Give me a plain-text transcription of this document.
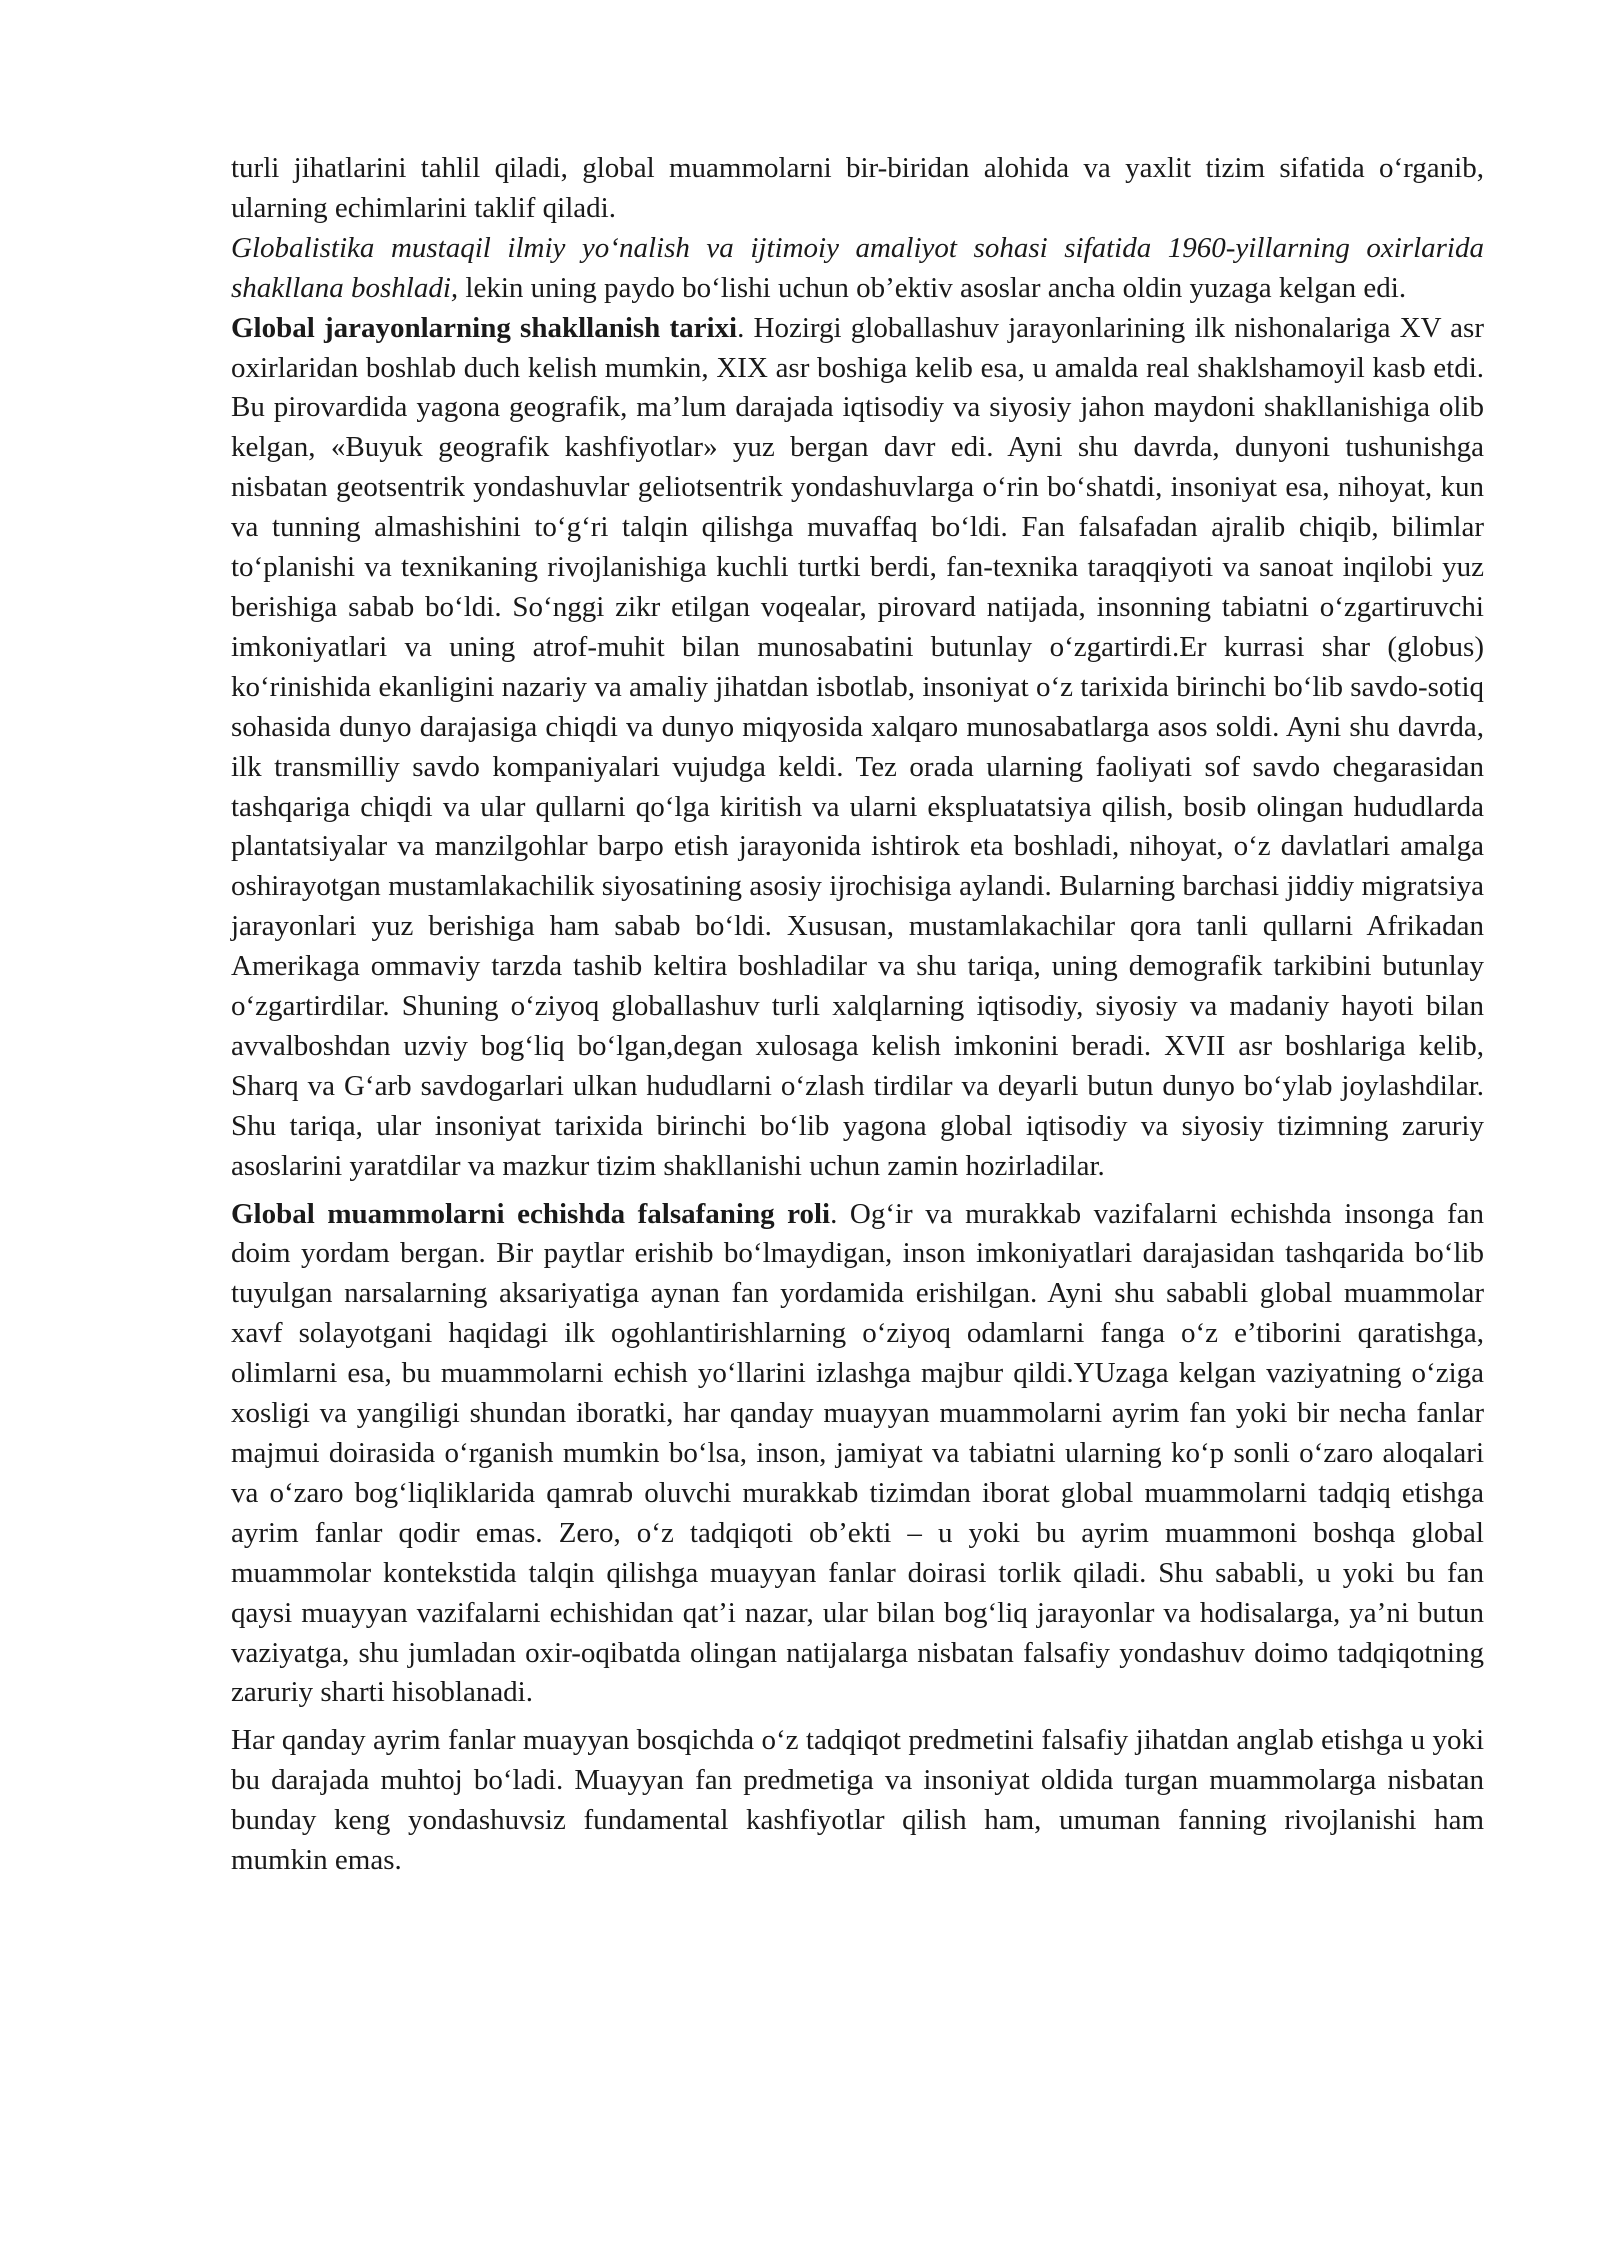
turli jihatlarini tahlil qiladi, global muammolarni bir-biridan alohida va yaxlit tizim sifatida o‘rganib, ularning echimlarini taklif qiladi.

Globalistika mustaqil ilmiy yo‘nalish va ijtimoiy amaliyot sohasi sifatida 1960-yillarning oxirlarida shakllana boshladi, lekin uning paydo bo‘lishi uchun ob’ektiv asoslar ancha oldin yuzaga kelgan edi.

Global jarayonlarning shakllanish tarixi. Hozirgi globallashuv jarayonlarining ilk nishonalariga XV asr oxirlaridan boshlab duch kelish mumkin, XIX asr boshiga kelib esa, u amalda real shaklshamoyil kasb etdi. Bu pirovardida yagona geografik, ma’lum darajada iqtisodiy va siyosiy jahon maydoni shakllanishiga olib kelgan, «Buyuk geografik kashfiyotlar» yuz bergan davr edi. Ayni shu davrda, dunyoni tushunishga nisbatan geotsentrik yondashuvlar geliotsentrik yondashuvlarga o‘rin bo‘shatdi, insoniyat esa, nihoyat, kun va tunning almashishini to‘g‘ri talqin qilishga muvaffaq bo‘ldi. Fan falsafadan ajralib chiqib, bilimlar to‘planishi va texnikaning rivojlanishiga kuchli turtki berdi, fan-texnika taraqqiyoti va sanoat inqilobi yuz berishiga sabab bo‘ldi. So‘nggi zikr etilgan voqealar, pirovard natijada, insonning tabiatni o‘zgartiruvchi imkoniyatlari va uning atrof-muhit bilan munosabatini butunlay o‘zgartirdi.Er kurrasi shar (globus) ko‘rinishida ekanligini nazariy va amaliy jihatdan isbotlab, insoniyat o‘z tarixida birinchi bo‘lib savdo-sotiq sohasida dunyo darajasiga chiqdi va dunyo miqyosida xalqaro munosabatlarga asos soldi. Ayni shu davrda, ilk transmilliy savdo kompaniyalari vujudga keldi. Tez orada ularning faoliyati sof savdo chegarasidan tashqariga chiqdi va ular qullarni qo‘lga kiritish va ularni ekspluatatsiya qilish, bosib olingan hududlarda plantatsiyalar va manzilgohlar barpo etish jarayonida ishtirok eta boshladi, nihoyat, o‘z davlatlari amalga oshirayotgan mustamlakachilik siyosatining asosiy ijrochisiga aylandi. Bularning barchasi jiddiy migratsiya jarayonlari yuz berishiga ham sabab bo‘ldi. Xususan, mustamlakachilar qora tanli qullarni Afrikadan Amerikaga ommaviy tarzda tashib keltira boshladilar va shu tariqa, uning demografik tarkibini butunlay o‘zgartirdilar. Shuning o‘ziyoq globallashuv turli xalqlarning iqtisodiy, siyosiy va madaniy hayoti bilan avvalboshdan uzviy bog‘liq bo‘lgan,degan xulosaga kelish imkonini beradi. XVII asr boshlariga kelib, Sharq va G‘arb savdogarlari ulkan hududlarni o‘zlash tirdilar va deyarli butun dunyo bo‘ylab joylashdilar. Shu tariqa, ular insoniyat tarixida birinchi bo‘lib yagona global iqtisodiy va siyosiy tizimning zaruriy asoslarini yaratdilar va mazkur tizim shakllanishi uchun zamin hozirladilar.

Global muammolarni echishda falsafaning roli. Og‘ir va murakkab vazifalarni echishda insonga fan doim yordam bergan. Bir paytlar erishib bo‘lmaydigan, inson imkoniyatlari darajasidan tashqarida bo‘lib tuyulgan narsalarning aksariyatiga aynan fan yordamida erishilgan. Ayni shu sababli global muammolar xavf solayotgani haqidagi ilk ogohlantirishlarning o‘ziyoq odamlarni fanga o‘z e’tiborini qaratishga, olimlarni esa, bu muammolarni echish yo‘llarini izlashga majbur qildi.YUzaga kelgan vaziyatning o‘ziga xosligi va yangiligi shundan iboratki, har qanday muayyan muammolarni ayrim fan yoki bir necha fanlar majmui doirasida o‘rganish mumkin bo‘lsa, inson, jamiyat va tabiatni ularning ko‘p sonli o‘zaro aloqalari va o‘zaro bog‘liqliklarida qamrab oluvchi murakkab tizimdan iborat global muammolarni tadqiq etishga ayrim fanlar qodir emas. Zero, o‘z tadqiqoti ob’ekti – u yoki bu ayrim muammoni boshqa global muammolar kontekstida talqin qilishga muayyan fanlar doirasi torlik qiladi. Shu sababli, u yoki bu fan qaysi muayyan vazifalarni echishidan qat’i nazar, ular bilan bog‘liq jarayonlar va hodisalarga, ya’ni butun vaziyatga, shu jumladan oxir-oqibatda olingan natijalarga nisbatan falsafiy yondashuv doimo tadqiqotning zaruriy sharti hisoblanadi.

Har qanday ayrim fanlar muayyan bosqichda o‘z tadqiqot predmetini falsafiy jihatdan anglab etishga u yoki bu darajada muhtoj bo‘ladi. Muayyan fan predmetiga va insoniyat oldida turgan muammolarga nisbatan bunday keng yondashuvsiz fundamental kashfiyotlar qilish ham, umuman fanning rivojlanishi ham mumkin emas.
